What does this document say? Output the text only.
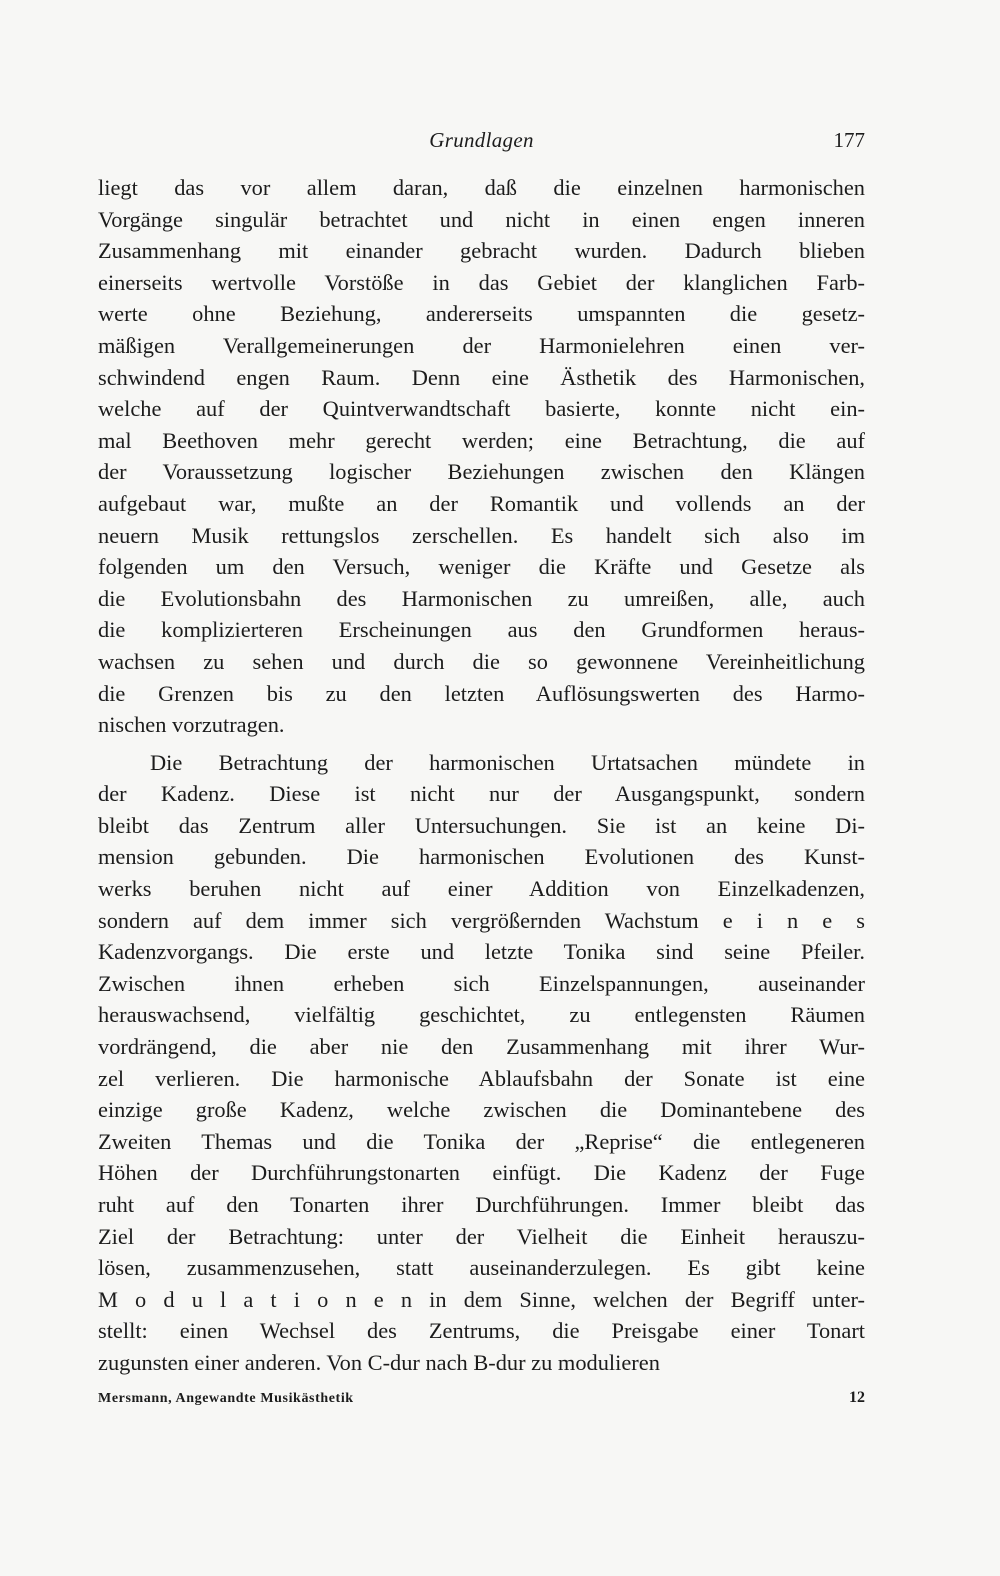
Grundlagen	177
liegt das vor allem daran, daß die einzelnen harmonischen
Vorgänge singulär betrachtet und nicht in einen engen inneren
Zusammenhang mit einander gebracht wurden. Dadurch blieben
einerseits wertvolle Vorstöße in das Gebiet der klanglichen Farb-
werte ohne Beziehung, andererseits umspannten die gesetz-
mäßigen Verallgemeinerungen der Harmonielehren einen ver-
schwindend engen Raum. Denn eine Ästhetik des Harmonischen,
welche auf der Quintverwandtschaft basierte, konnte nicht ein-
mal Beethoven mehr gerecht werden; eine Betrachtung, die auf
der Voraussetzung logischer Beziehungen zwischen den Klängen
aufgebaut war, mußte an der Romantik und vollends an der
neuern Musik rettungslos zerschellen. Es handelt sich also im
folgenden um den Versuch, weniger die Kräfte und Gesetze als
die Evolutionsbahn des Harmonischen zu umreißen, alle, auch
die komplizierteren Erscheinungen aus den Grundformen heraus-
wachsen zu sehen und durch die so gewonnene Vereinheitlichung
die Grenzen bis zu den letzten Auflösungswerten des Harmo-
nischen vorzutragen.
Die Betrachtung der harmonischen Urtatsachen mündete in
der Kadenz. Diese ist nicht nur der Ausgangspunkt, sondern
bleibt das Zentrum aller Untersuchungen. Sie ist an keine Di-
mension gebunden. Die harmonischen Evolutionen des Kunst-
werks beruhen nicht auf einer Addition von Einzelkadenzen,
sondern auf dem immer sich vergrößernden Wachstum e i n e s
Kadenzvorgangs. Die erste und letzte Tonika sind seine Pfeiler.
Zwischen ihnen erheben sich Einzelspannungen, auseinander
herauswachsend, vielfältig geschichtet, zu entlegensten Räumen
vordrängend, die aber nie den Zusammenhang mit ihrer Wur-
zel verlieren. Die harmonische Ablaufsbahn der Sonate ist eine
einzige große Kadenz, welche zwischen die Dominantebene des
Zweiten Themas und die Tonika der „Reprise“ die entlegeneren
Höhen der Durchführungstonarten einfügt. Die Kadenz der Fuge
ruht auf den Tonarten ihrer Durchführungen. Immer bleibt das
Ziel der Betrachtung: unter der Vielheit die Einheit herauszu-
lösen, zusammenzusehen, statt auseinanderzulegen. Es gibt keine
M o d u l a t i o n e n in dem Sinne, welchen der Begriff unter-
stellt: einen Wechsel des Zentrums, die Preisgabe einer Tonart
zugunsten einer anderen. Von C-dur nach B-dur zu modulieren
Mersmann, Angewandte Musikästhetik	12
